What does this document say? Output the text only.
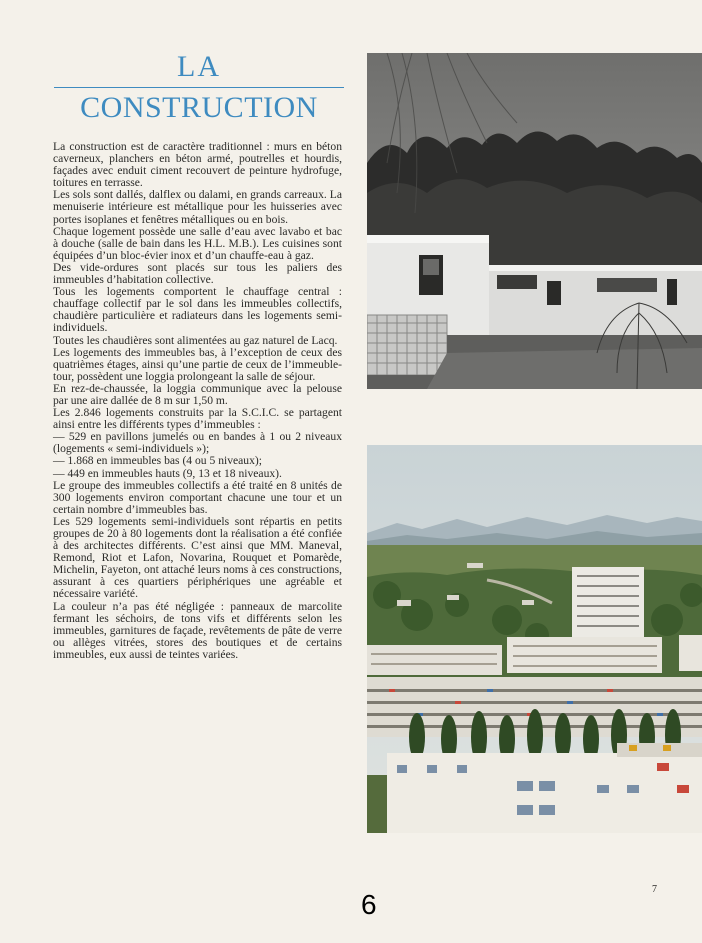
LA
CONSTRUCTION

La construction est de caractère traditionnel : murs en béton caverneux, planchers en béton armé, poutrelles et hourdis, façades avec enduit ciment recouvert de peinture hydrofuge, toitures en terrasse.

Les sols sont dallés, dalflex ou dalami, en grands carreaux. La menuiserie intérieure est métallique pour les huisseries avec portes isoplanes et fenêtres métalliques ou en bois.

Chaque logement possède une salle d’eau avec lavabo et bac à douche (salle de bain dans les H.L. M.B.). Les cuisines sont équipées d’un bloc-évier inox et d’un chauffe-eau à gaz.

Des vide-ordures sont placés sur tous les paliers des immeubles d’habitation collective.

Tous les logements comportent le chauffage central : chauffage collectif par le sol dans les immeubles collectifs, chaudière particulière et radiateurs dans les logements semi-individuels.

Toutes les chaudières sont alimentées au gaz naturel de Lacq.

Les logements des immeubles bas, à l’exception de ceux des quatrièmes étages, ainsi qu’une partie de ceux de l’immeuble-tour, possèdent une loggia prolongeant la salle de séjour.

En rez-de-chaussée, la loggia communique avec la pelouse par une aire dallée de 8 m sur 1,50 m.

Les 2.846 logements construits par la S.C.I.C. se partagent ainsi entre les différents types d’immeubles :

— 529 en pavillons jumelés ou en bandes à 1 ou 2 niveaux (logements « semi-individuels »);

— 1.868 en immeubles bas (4 ou 5 niveaux);

— 449 en immeubles hauts (9, 13 et 18 niveaux).

Le groupe des immeubles collectifs a été traité en 8 unités de 300 logements environ comportant chacune une tour et un certain nombre d’immeubles bas.

Les 529 logements semi-individuels sont répartis en petits groupes de 20 à 80 logements dont la réalisation a été confiée à des architectes différents. C’est ainsi que MM. Maneval, Remond, Riot et Lafon, Novarina, Rouquet et Pomarède, Michelin, Fayeton, ont attaché leurs noms à ces constructions, assurant à ces quartiers périphériques une agréable et nécessaire variété.

La couleur n’a pas été négligée : panneaux de marcolite fermant les séchoirs, de tons vifs et différents selon les immeubles, garnitures de façade, revêtements de pâte de verre ou allèges vitrées, stores des boutiques et de certains immeubles, eux aussi de teintes variées.

7
6
